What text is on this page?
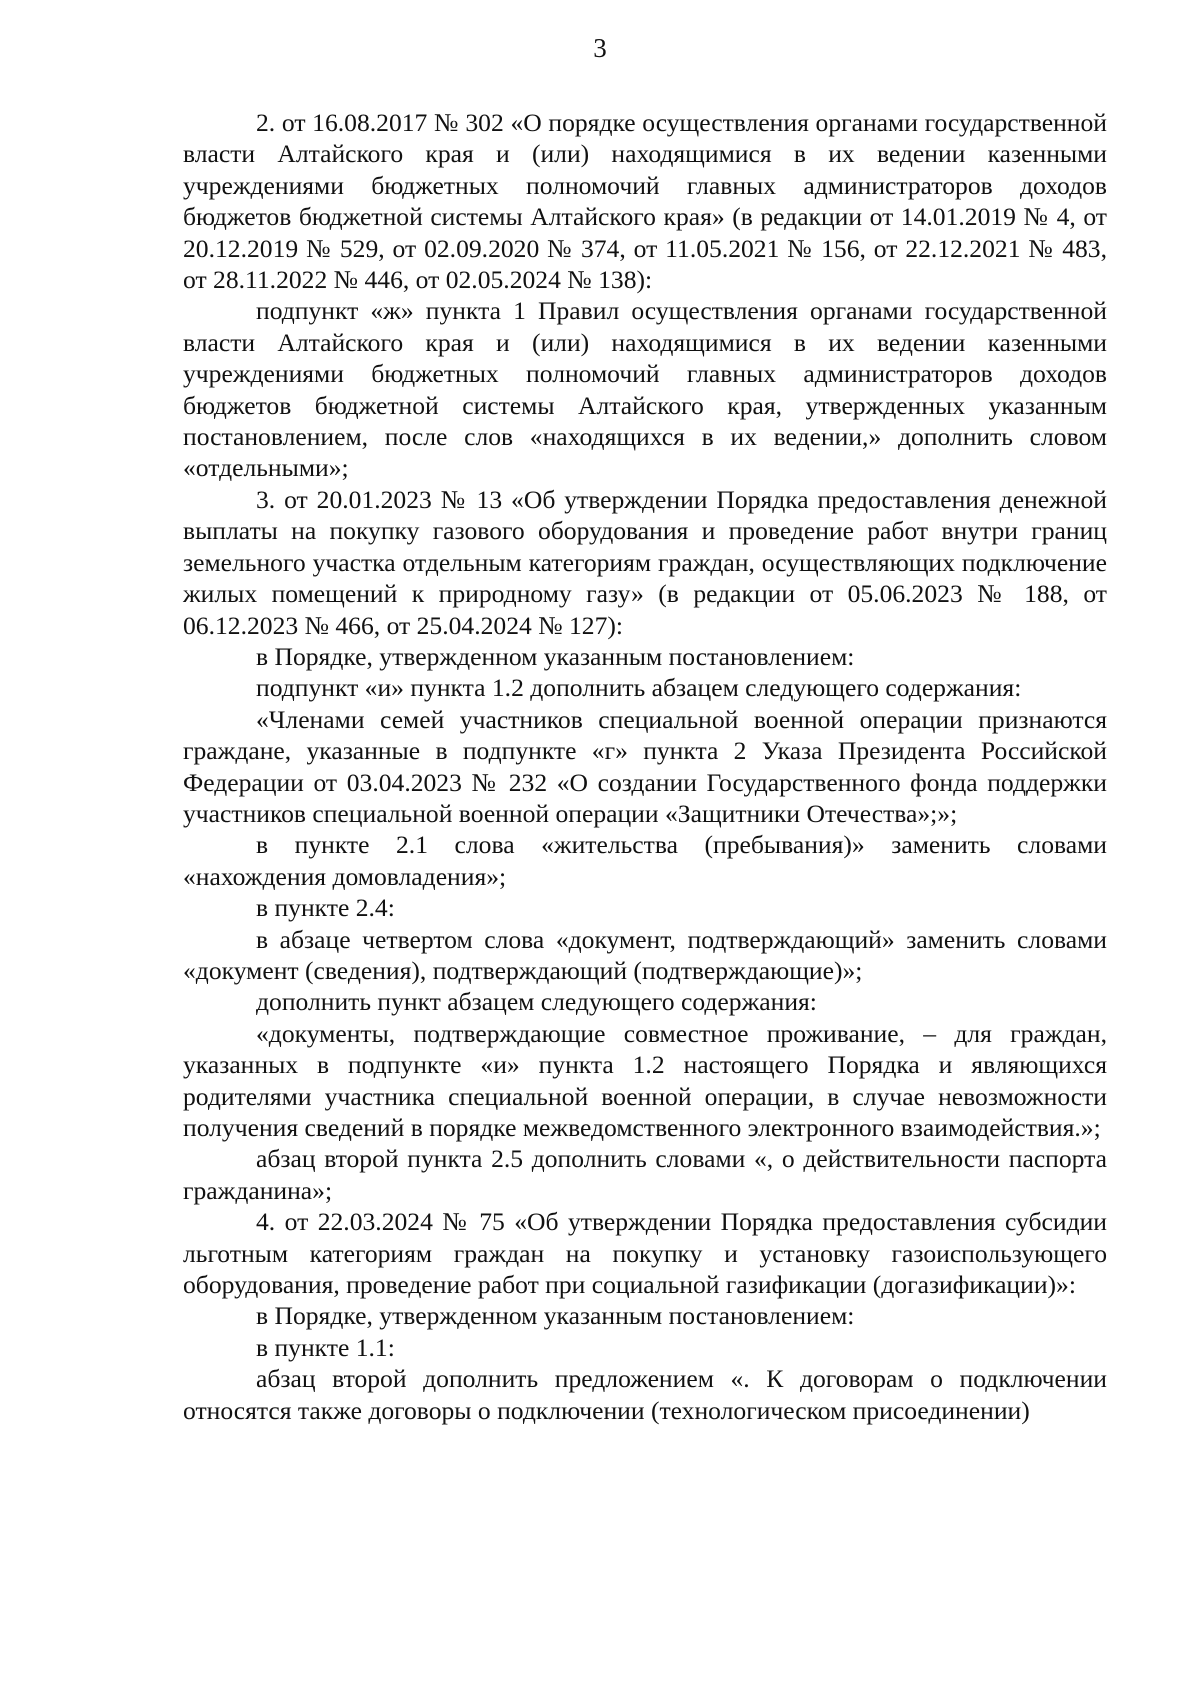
3

2. от 16.08.2017 № 302 «О порядке осуществления органами государственной власти Алтайского края и (или) находящимися в их ведении казенными учреждениями бюджетных полномочий главных администраторов доходов бюджетов бюджетной системы Алтайского края» (в редакции от 14.01.2019 № 4, от 20.12.2019 № 529, от 02.09.2020 № 374, от 11.05.2021 № 156, от 22.12.2021 № 483, от 28.11.2022 № 446, от 02.05.2024 № 138):

подпункт «ж» пункта 1 Правил осуществления органами государственной власти Алтайского края и (или) находящимися в их ведении казенными учреждениями бюджетных полномочий главных администраторов доходов бюджетов бюджетной системы Алтайского края, утвержденных указанным постановлением, после слов «находящихся в их ведении,» дополнить словом «отдельными»;

3. от 20.01.2023 № 13 «Об утверждении Порядка предоставления денежной выплаты на покупку газового оборудования и проведение работ внутри границ земельного участка отдельным категориям граждан, осуществляющих подключение жилых помещений к природному газу» (в редакции от 05.06.2023 № 188, от 06.12.2023 № 466, от 25.04.2024 № 127):

в Порядке, утвержденном указанным постановлением:

подпункт «и» пункта 1.2 дополнить абзацем следующего содержания:

«Членами семей участников специальной военной операции признаются граждане, указанные в подпункте «г» пункта 2 Указа Президента Российской Федерации от 03.04.2023 № 232 «О создании Государственного фонда поддержки участников специальной военной операции «Защитники Отечества»;»;

в пункте 2.1 слова «жительства (пребывания)» заменить словами «нахождения домовладения»;

в пункте 2.4:

в абзаце четвертом слова «документ, подтверждающий» заменить словами «документ (сведения), подтверждающий (подтверждающие)»;

дополнить пункт абзацем следующего содержания:

«документы, подтверждающие совместное проживание, – для граждан, указанных в подпункте «и» пункта 1.2 настоящего Порядка и являющихся родителями участника специальной военной операции, в случае невозможности получения сведений в порядке межведомственного электронного взаимодействия.»;

абзац второй пункта 2.5 дополнить словами «, о действительности паспорта гражданина»;

4. от 22.03.2024 № 75 «Об утверждении Порядка предоставления субсидии льготным категориям граждан на покупку и установку газоиспользующего оборудования, проведение работ при социальной газификации (догазификации)»:

в Порядке, утвержденном указанным постановлением:

в пункте 1.1:

абзац второй дополнить предложением «. К договорам о подключении относятся также договоры о подключении (технологическом присоединении)
